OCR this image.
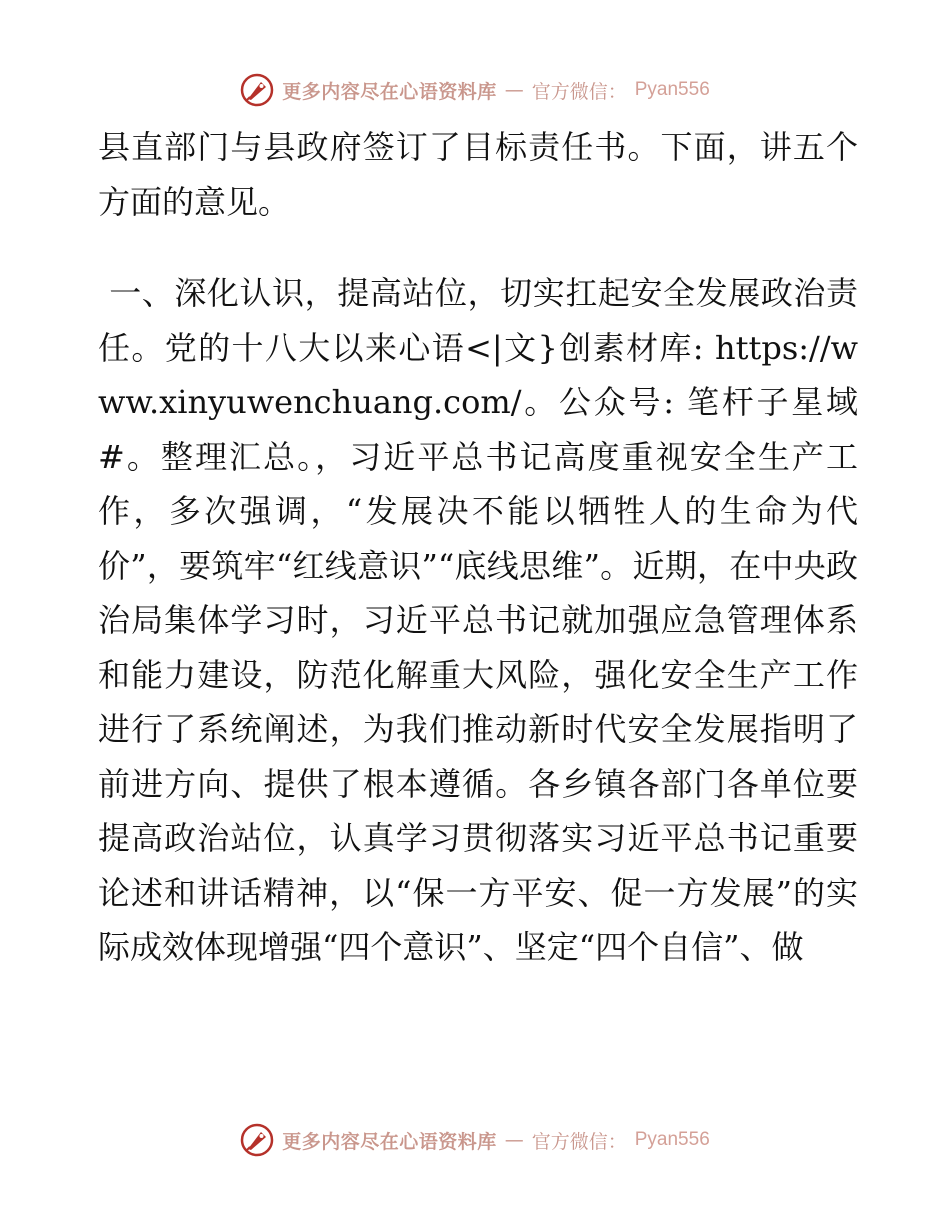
更多内容尽在心语资料库 — 官方微信： Pyan556

县直部门与县政府签订了目标责任书。下面，讲五个方面的意见。

一、深化认识，提高站位，切实扛起安全发展政治责任。党的十八大以来心语<|文}创素材库: https://www.xinyuwenchuang.com/。公众号: 笔杆子星域#。整理汇总。，习近平总书记高度重视安全生产工作，多次强调，“发展决不能以牺牲人的生命为代价”，要筑牢“红线意识”“底线思维”。近期，在中央政治局集体学习时，习近平总书记就加强应急管理体系和能力建设，防范化解重大风险，强化安全生产工作进行了系统阐述，为我们推动新时代安全发展指明了前进方向、提供了根本遵循。各乡镇各部门各单位要提高政治站位，认真学习贯彻落实习近平总书记重要论述和讲话精神，以“保一方平安、促一方发展”的实际成效体现增强“四个意识”、坚定“四个自信”、做

更多内容尽在心语资料库 — 官方微信： Pyan556
